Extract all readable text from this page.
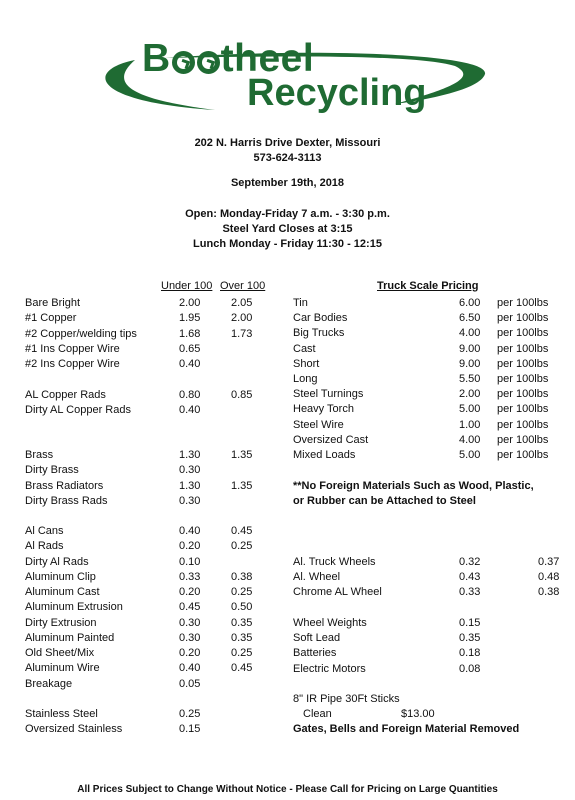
B theel
Recycling
202 N. Harris Drive Dexter, Missouri
573-624-3113
September 19th, 2018
Open: Monday-Friday 7 a.m. - 3:30 p.m.
Steel Yard Closes at 3:15
Lunch Monday - Friday 11:30 - 12:15
Under 100 Over 100	Truck Scale Pricing
Bare Bright	2.00	2.05
#1 Copper	1.95	2.00
#2 Copper/welding tips	1.68	1.73
#1 Ins Copper Wire	0.65
#2 Ins Copper Wire	0.40
AL Copper Rads	0.80	0.85
Dirty AL Copper Rads	0.40
Brass	1.30	1.35
Dirty Brass	0.30
Brass Radiators	1.30	1.35
Dirty Brass Rads	0.30
Al Cans	0.40	0.45
Al Rads	0.20	0.25
Dirty Al Rads	0.10
Aluminum Clip	0.33	0.38
Aluminum Cast	0.20	0.25
Aluminum Extrusion	0.45	0.50
Dirty Extrusion	0.30	0.35
Aluminum Painted	0.30	0.35
Old Sheet/Mix	0.20	0.25
Aluminum Wire	0.40	0.45
Breakage	0.05
Stainless Steel	0.25
Oversized Stainless	0.15
Tin	6.00 per 100lbs
Car Bodies	6.50 per 100lbs
Big Trucks	4.00 per 100lbs
Cast	9.00 per 100lbs
Short	9.00 per 100lbs
Long	5.50 per 100lbs
Steel Turnings	2.00 per 100lbs
Heavy Torch	5.00 per 100lbs
Steel Wire	1.00 per 100lbs
Oversized Cast	4.00 per 100lbs
Mixed Loads	5.00 per 100lbs
**No Foreign Materials Such as Wood, Plastic,
or Rubber can be Attached to Steel
Al. Truck Wheels	0.32	0.37
Al. Wheel	0.43	0.48
Chrome AL Wheel	0.33	0.38
Wheel Weights	0.15
Soft Lead	0.35
Batteries	0.18
Electric Motors	0.08
8" IR Pipe 30Ft Sticks
Clean	$13.00
Gates, Bells and Foreign Material Removed
All Prices Subject to Change Without Notice - Please Call for Pricing on Large Quantities
